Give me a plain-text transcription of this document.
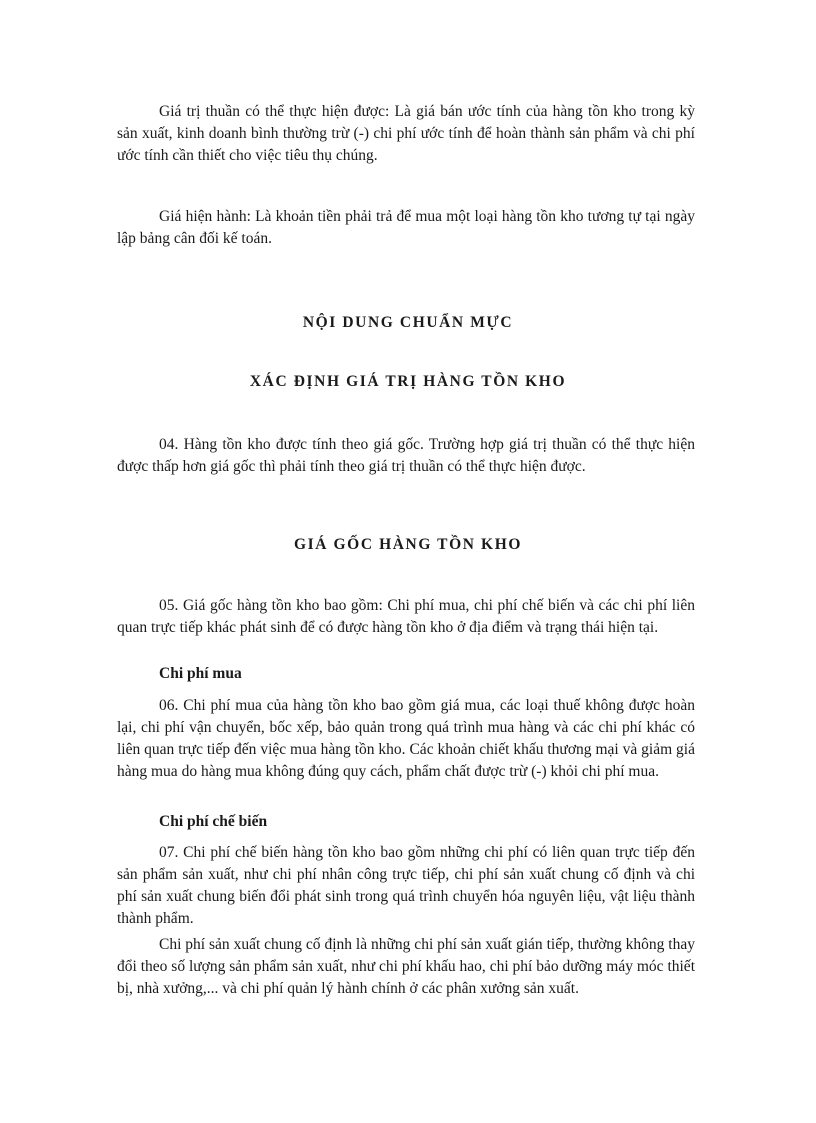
Giá trị thuần có thể thực hiện được: Là giá bán ước tính của hàng tồn kho trong kỳ sản xuất, kinh doanh bình thường trừ (-) chi phí ước tính để hoàn thành sản phẩm và chi phí ước tính cần thiết cho việc tiêu thụ chúng.

Giá hiện hành: Là khoản tiền phải trả để mua một loại hàng tồn kho tương tự tại ngày lập bảng cân đối kế toán.

NỘI DUNG CHUẨN MỰC
XÁC ĐỊNH GIÁ TRỊ HÀNG TỒN KHO

04. Hàng tồn kho được tính theo giá gốc. Trường hợp giá trị thuần có thể thực hiện được thấp hơn giá gốc thì phải tính theo giá trị thuần có thể thực hiện được.

GIÁ GỐC HÀNG TỒN KHO

05. Giá gốc hàng tồn kho bao gồm: Chi phí mua, chi phí chế biến và các chi phí liên quan trực tiếp khác phát sinh để có được hàng tồn kho ở địa điểm và trạng thái hiện tại.

Chi phí mua

06. Chi phí mua của hàng tồn kho bao gồm giá mua, các loại thuế không được hoàn lại, chi phí vận chuyển, bốc xếp, bảo quản trong quá trình mua hàng và các chi phí khác có liên quan trực tiếp đến việc mua hàng tồn kho. Các khoản chiết khấu thương mại và giảm giá hàng mua do hàng mua không đúng quy cách, phẩm chất được trừ (-) khỏi chi phí mua.

Chi phí chế biến

07. Chi phí chế biến hàng tồn kho bao gồm những chi phí có liên quan trực tiếp đến sản phẩm sản xuất, như chi phí nhân công trực tiếp, chi phí sản xuất chung cố định và chi phí sản xuất chung biến đổi phát sinh trong quá trình chuyển hóa nguyên liệu, vật liệu thành thành phẩm.

Chi phí sản xuất chung cố định là những chi phí sản xuất gián tiếp, thường không thay đổi theo số lượng sản phẩm sản xuất, như chi phí khấu hao, chi phí bảo dưỡng máy móc thiết bị, nhà xưởng,... và chi phí quản lý hành chính ở các phân xưởng sản xuất.
